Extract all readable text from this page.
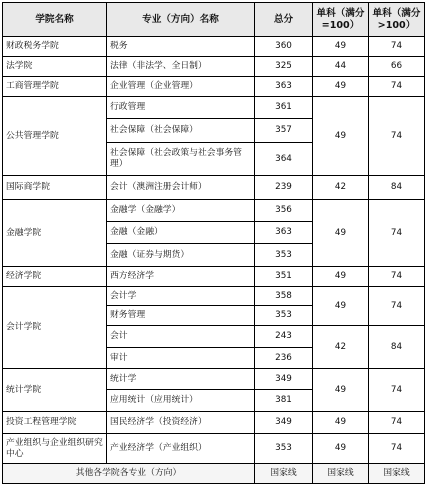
学院名称	专业（方向）名称	总分	单科（满分=100）	单科（满分>100）
财政税务学院	税务	360	49	74
法学院	法律（非法学、全日制）	325	44	66
工商管理学院	企业管理（企业管理）	363	49	74
公共管理学院	行政管理	361	49	74
	社会保障（社会保障）	357		
	社会保障（社会政策与社会事务管理）	364		
国际商学院	会计（澳洲注册会计师）	239	42	84
金融学院	金融学（金融学）	356	49	74
	金融（金融）	363		
	金融（证券与期货）	353		
经济学院	西方经济学	351	49	74
会计学院	会计学	358	49	74
	财务管理	353		
	会计	243	42	84
	审计	236		
统计学院	统计学	349	49	74
	应用统计（应用统计）	381		
投资工程管理学院	国民经济学（投资经济）	349	49	74
产业组织与企业组织研究中心	产业经济学（产业组织）	353	49	74
其他各学院各专业（方向）		国家线	国家线	国家线
